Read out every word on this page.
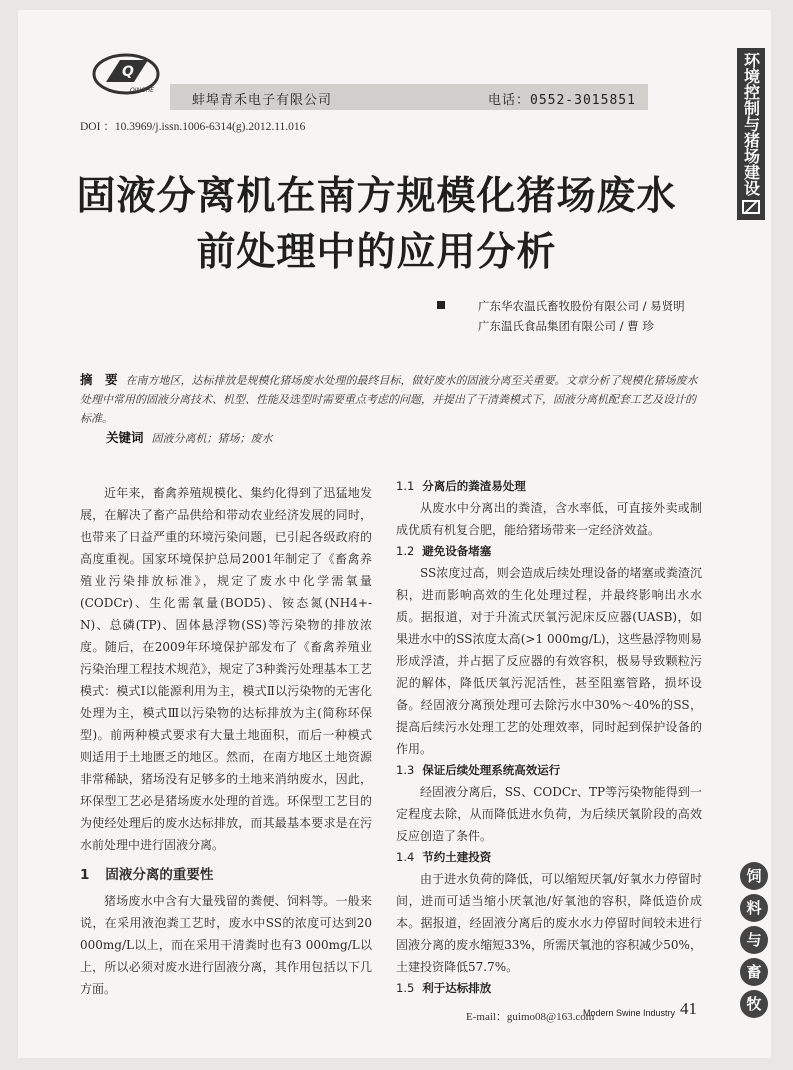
环境控制与猪场建设
饲
料
与
畜
牧
Q
QINGHE
蚌埠青禾电子有限公司	电话：0552-3015851
DOI ：10.3969/j.issn.1006-6314(g).2012.11.016
固液分离机在南方规模化猪场废水
前处理中的应用分析
广东华农温氏畜牧股份有限公司 / 易贤明
广东温氏食品集团有限公司 / 曹 珍
摘　要 在南方地区，达标排放是规模化猪场废水处理的最终目标，做好废水的固液分离至关重要。文章分析了规模化猪场废水处理中常用的固液分离技术、机型、性能及选型时需要重点考虑的问题，并提出了干清粪模式下，固液分离机配套工艺及设计的标准。
关键词 固液分离机；猪场；废水

近年来，畜禽养殖规模化、集约化得到了迅猛地发展，在解决了畜产品供给和带动农业经济发展的同时，也带来了日益严重的环境污染问题，已引起各级政府的高度重视。国家环境保护总局2001年制定了《畜禽养殖业污染排放标准》，规定了废水中化学需氧量(CODCr)、生化需氧量(BOD5)、铵态氮(NH4+-N)、总磷(TP)、固体悬浮物(SS)等污染物的排放浓度。随后，在2009年环境保护部发布了《畜禽养殖业污染治理工程技术规范》，规定了3种粪污处理基本工艺模式：模式Ⅰ以能源利用为主，模式Ⅱ以污染物的无害化处理为主，模式Ⅲ以污染物的达标排放为主(简称环保型)。前两种模式要求有大量土地面积，而后一种模式则适用于土地匮乏的地区。然而，在南方地区土地资源非常稀缺，猪场没有足够多的土地来消纳废水，因此，环保型工艺必是猪场废水处理的首选。环保型工艺目的为使经处理后的废水达标排放，而其最基本要求是在污水前处理中进行固液分离。

1 固液分离的重要性

猪场废水中含有大量残留的粪便、饲料等。一般来说，在采用液泡粪工艺时，废水中SS的浓度可达到20 000mg/L以上，而在采用干清粪时也有3 000mg/L以上，所以必须对废水进行固液分离，其作用包括以下几方面。

1.1 分离后的粪渣易处理

从废水中分离出的粪渣，含水率低，可直接外卖或制成优质有机复合肥，能给猪场带来一定经济效益。

1.2 避免设备堵塞

SS浓度过高，则会造成后续处理设备的堵塞或粪渣沉积，进而影响高效的生化处理过程，并最终影响出水水质。据报道，对于升流式厌氧污泥床反应器(UASB)，如果进水中的SS浓度太高(>1 000mg/L)，这些悬浮物则易形成浮渣，并占据了反应器的有效容积，极易导致颗粒污泥的解体，降低厌氧污泥活性，甚至阻塞管路，损坏设备。经固液分离预处理可去除污水中30%～40%的SS，提高后续污水处理工艺的处理效率，同时起到保护设备的作用。

1.3 保证后续处理系统高效运行

经固液分离后，SS、CODCr、TP等污染物能得到一定程度去除，从而降低进水负荷，为后续厌氧阶段的高效反应创造了条件。

1.4 节约土建投资

由于进水负荷的降低，可以缩短厌氧/好氧水力停留时间，进而可适当缩小厌氧池/好氧池的容积，降低造价成本。据报道，经固液分离后的废水水力停留时间较未进行固液分离的废水缩短33%，所需厌氧池的容积减少50%，土建投资降低57.7%。

1.5 利于达标排放
E-mail：guimo08@163.com
Modern Swine Industry 41
